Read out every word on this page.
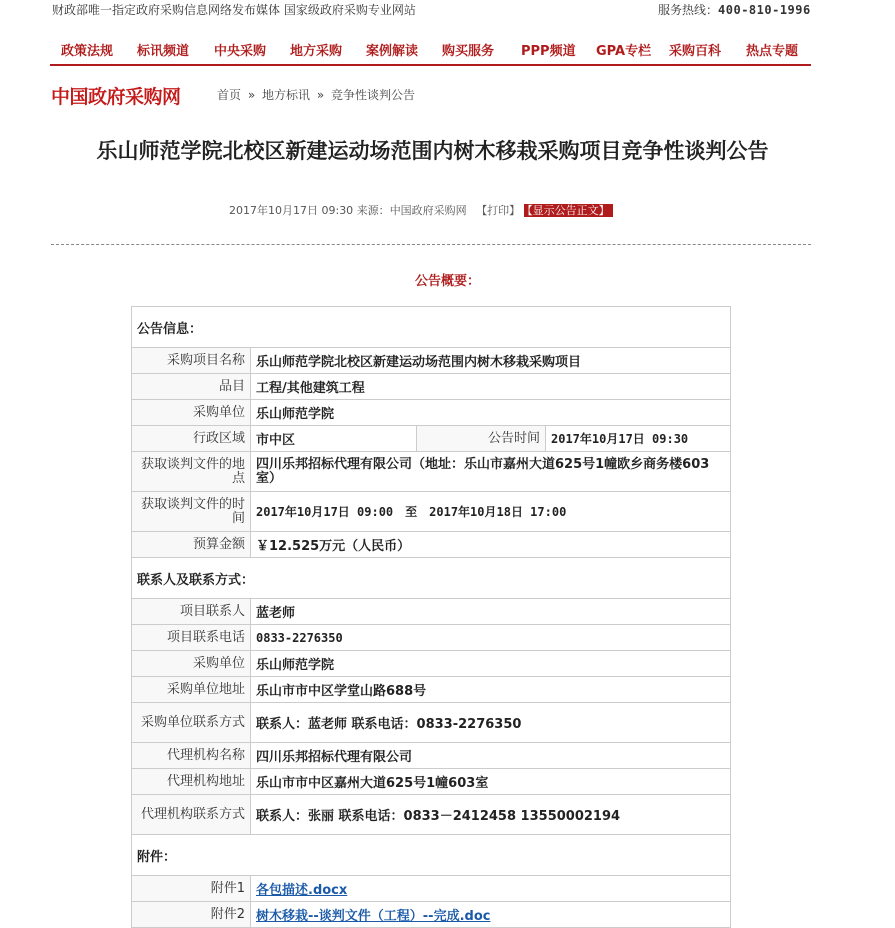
财政部唯一指定政府采购信息网络发布媒体 国家级政府采购专业网站	服务热线：400-810-1996
政策法规 标讯频道 中央采购 地方采购 案例解读 购买服务 PPP频道 GPA专栏 采购百科 热点专题
中国政府采购网	首页 » 地方标讯 » 竞争性谈判公告
乐山师范学院北校区新建运动场范围内树木移栽采购项目竞争性谈判公告
2017年10月17日 09:30 来源：中国政府采购网 【打印】 【显示公告正文】
公告概要：
公告信息：			
采购项目名称	乐山师范学院北校区新建运动场范围内树木移栽采购项目		
品目	工程/其他建筑工程		
采购单位	乐山师范学院		
行政区域	市中区	公告时间	2017年10月17日 09:30
获取谈判文件的地点	四川乐邦招标代理有限公司（地址：乐山市嘉州大道625号1幢欧乡商务楼603室）		
获取谈判文件的时间	2017年10月17日 09:00　至　2017年10月18日 17:00		
预算金额	￥12.525万元（人民币）		
联系人及联系方式：			
项目联系人	蓝老师		
项目联系电话	0833-2276350		
采购单位	乐山师范学院		
采购单位地址	乐山市市中区学堂山路688号		
采购单位联系方式	联系人：蓝老师 联系电话：0833-2276350		
代理机构名称	四川乐邦招标代理有限公司		
代理机构地址	乐山市市中区嘉州大道625号1幢603室		
代理机构联系方式	联系人：张丽 联系电话：0833－2412458 13550002194		
附件：			
附件1	各包描述.docx		
附件2	树木移栽--谈判文件（工程）--完成.doc		
